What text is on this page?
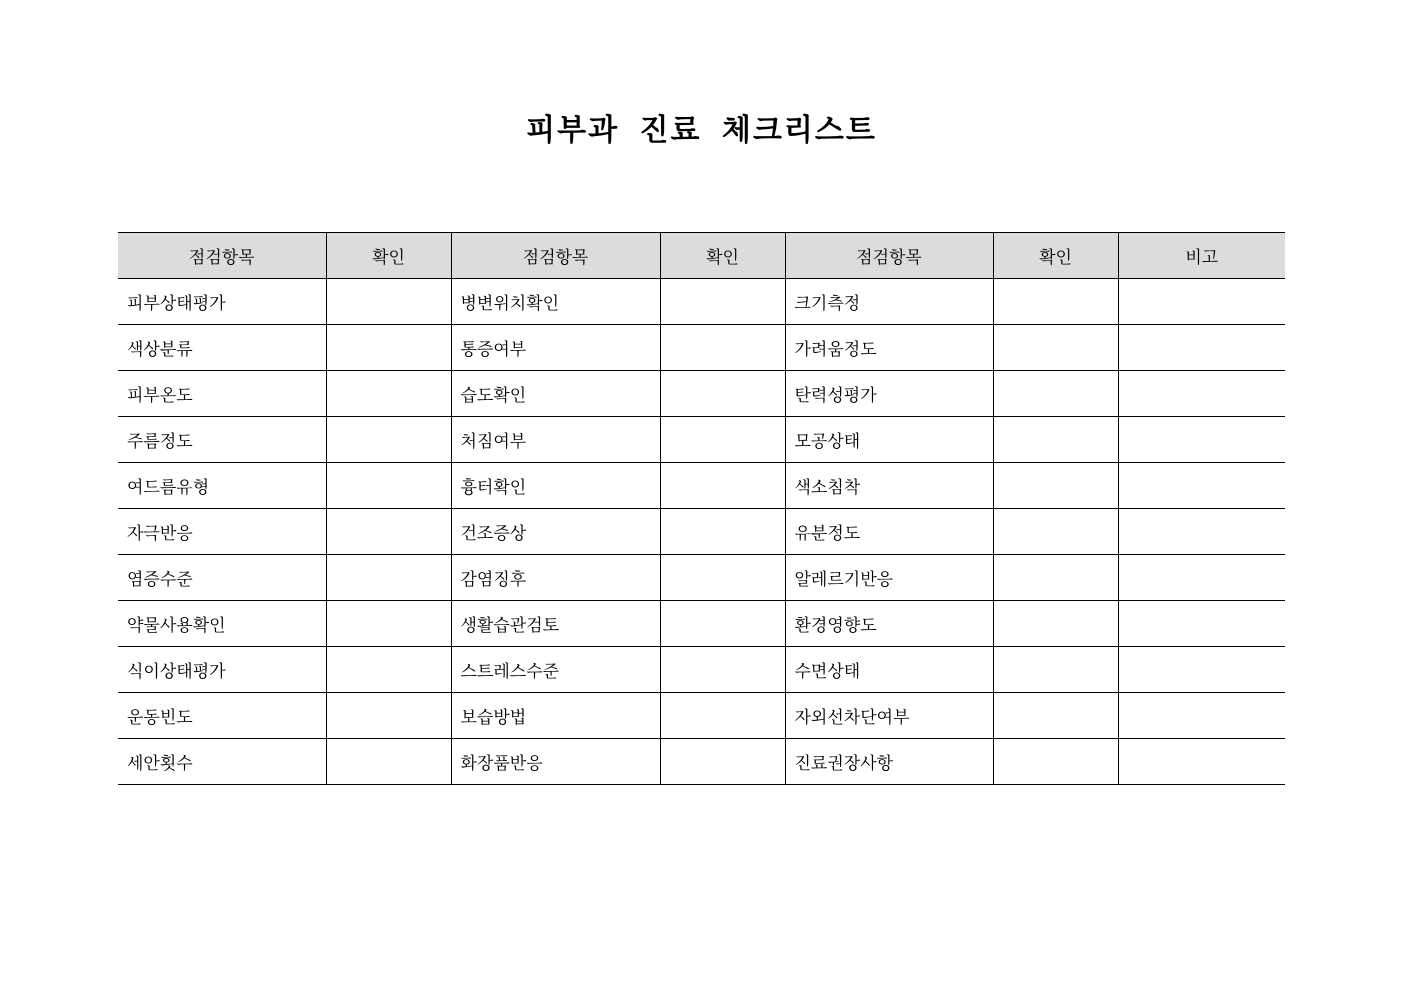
피부과 진료 체크리스트
점검항목	확인	점검항목	확인	점검항목	확인	비고
피부상태평가		병변위치확인		크기측정		
색상분류		통증여부		가려움정도		
피부온도		습도확인		탄력성평가		
주름정도		처짐여부		모공상태		
여드름유형		흉터확인		색소침착		
자극반응		건조증상		유분정도		
염증수준		감염징후		알레르기반응		
약물사용확인		생활습관검토		환경영향도		
식이상태평가		스트레스수준		수면상태		
운동빈도		보습방법		자외선차단여부		
세안횟수		화장품반응		진료권장사항		
